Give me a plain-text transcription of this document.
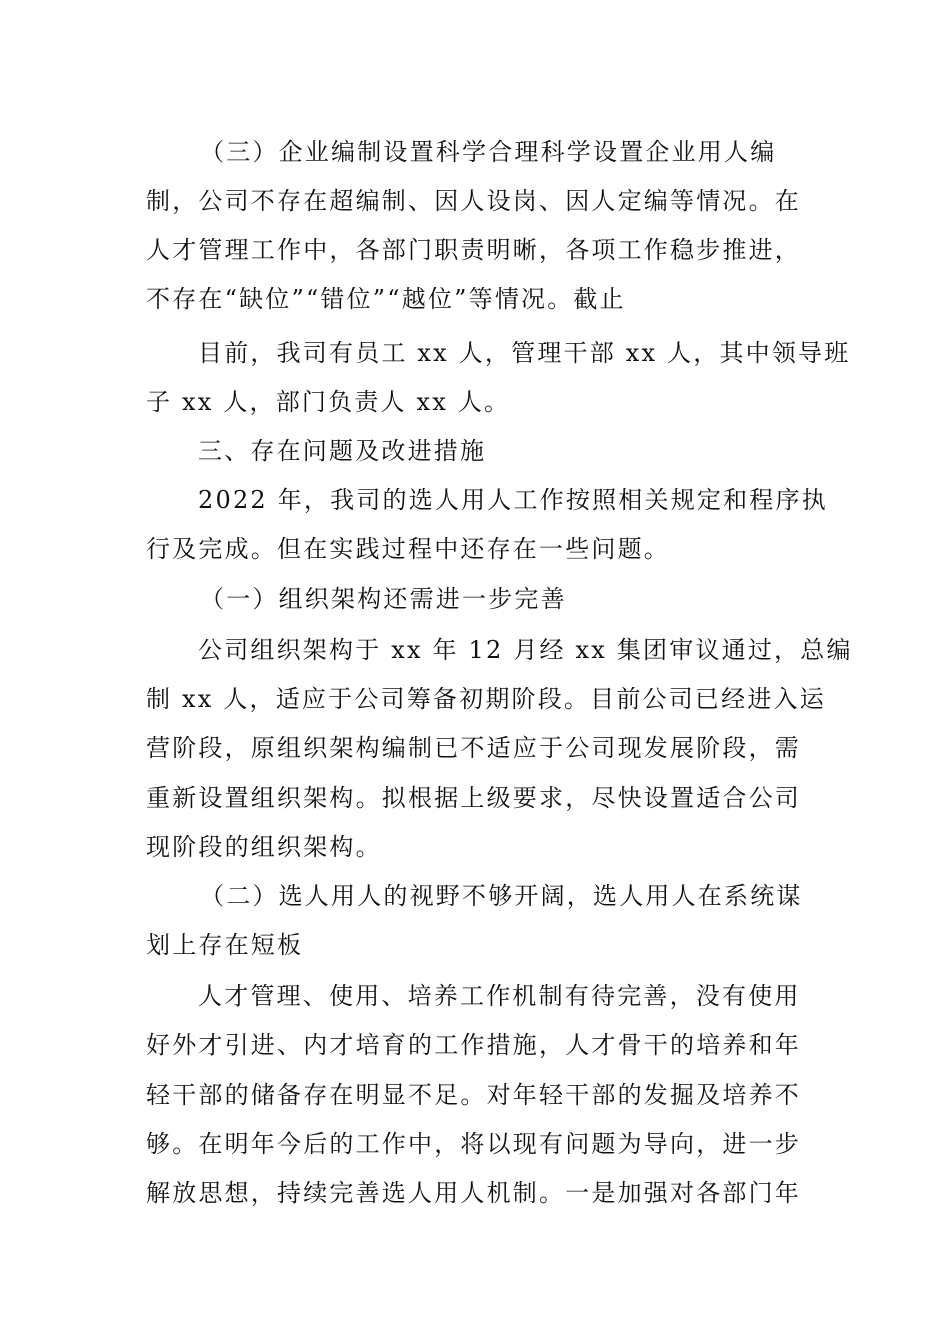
（三）企业编制设置科学合理科学设置企业用人编

制，公司不存在超编制、因人设岗、因人定编等情况。在

人才管理工作中，各部门职责明晰，各项工作稳步推进，

不存在“缺位”“错位”“越位”等情况。截止

目前，我司有员工 xx 人，管理干部 xx 人，其中领导班

子 xx 人，部门负责人 xx 人。

三、存在问题及改进措施

2022 年，我司的选人用人工作按照相关规定和程序执

行及完成。但在实践过程中还存在一些问题。

（一）组织架构还需进一步完善

公司组织架构于 xx 年 12 月经 xx 集团审议通过，总编

制 xx 人，适应于公司筹备初期阶段。目前公司已经进入运

营阶段，原组织架构编制已不适应于公司现发展阶段，需

重新设置组织架构。拟根据上级要求，尽快设置适合公司

现阶段的组织架构。

（二）选人用人的视野不够开阔，选人用人在系统谋

划上存在短板

人才管理、使用、培养工作机制有待完善，没有使用

好外才引进、内才培育的工作措施，人才骨干的培养和年

轻干部的储备存在明显不足。对年轻干部的发掘及培养不

够。在明年今后的工作中，将以现有问题为导向，进一步

解放思想，持续完善选人用人机制。一是加强对各部门年
